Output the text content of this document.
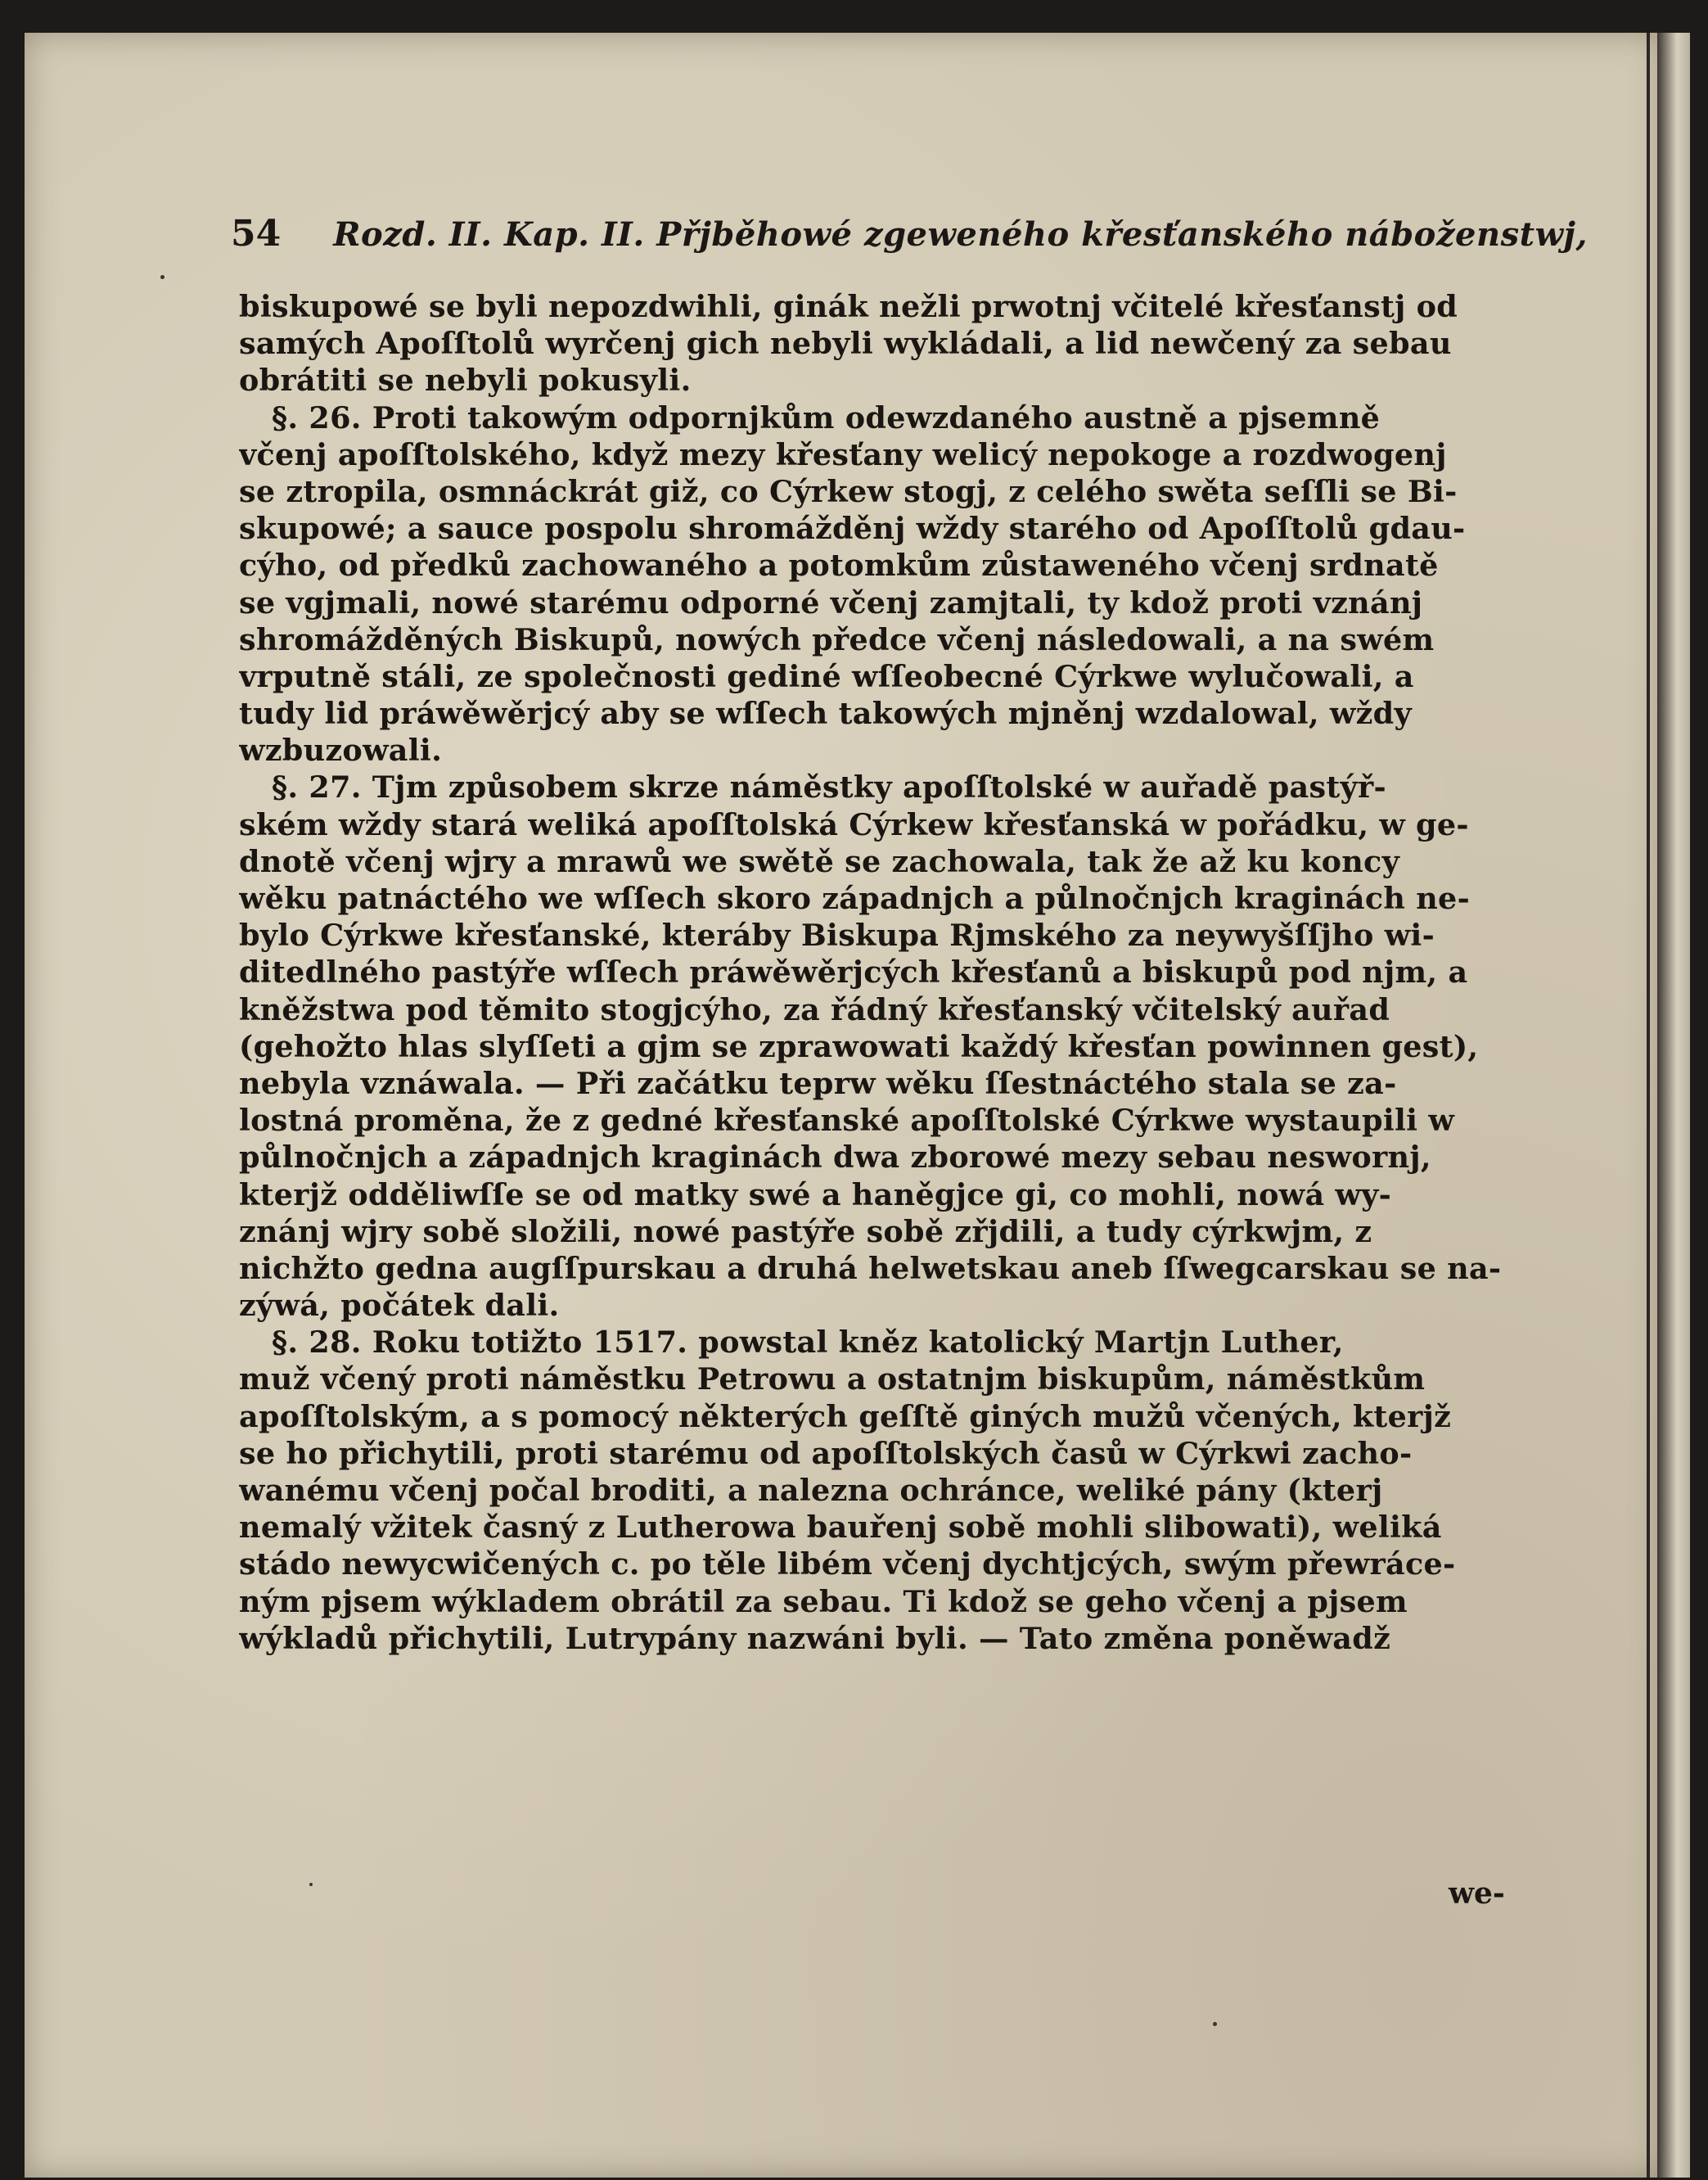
54 Rozd. II. Kap. II. Přjběhowé zgeweného křesťanského náboženstwj,
biskupowé se byli nepozdwihli, ginák nežli prwotnj včitelé křesťanstj od
samých Apoſſtolů wyrčenj gich nebyli wykládali, a lid newčený za sebau
obrátiti se nebyli pokusyli.
§. 26. Proti takowým odpornjkům odewzdaného austně a pjsemně
včenj apoſſtolského, když mezy křesťany welicý nepokoge a rozdwogenj
se ztropila, osmnáckrát giž, co Cýrkew stogj, z celého swěta seſſli se Bi-
skupowé; a sauce pospolu shromážděnj wždy starého od Apoſſtolů gdau-
cýho, od předků zachowaného a potomkům zůstaweného včenj srdnatě
se vgjmali, nowé starému odporné včenj zamjtali, ty kdož proti vznánj
shromážděných Biskupů, nowých předce včenj následowali, a na swém
vrputně stáli, ze společnosti gediné wſſeobecné Cýrkwe wylučowali, a
tudy lid práwěwěrjcý aby se wſſech takowých mjněnj wzdalowal, wždy
wzbuzowali.
§. 27. Tjm způsobem skrze náměstky apoſſtolské w auřadě pastýř-
ském wždy stará weliká apoſſtolská Cýrkew křesťanská w pořádku, w ge-
dnotě včenj wjry a mrawů we swětě se zachowala, tak že až ku koncy
wěku patnáctého we wſſech skoro západnjch a půlnočnjch kraginách ne-
bylo Cýrkwe křesťanské, kteráby Biskupa Rjmského za neywyšſſjho wi-
ditedlného pastýře wſſech práwěwěrjcých křesťanů a biskupů pod njm, a
kněžstwa pod těmito stogjcýho, za řádný křesťanský včitelský auřad
(gehožto hlas slyſſeti a gjm se zprawowati každý křesťan powinnen gest),
nebyla vznáwala. — Při začátku teprw wěku ſſestnáctého stala se za-
lostná proměna, že z gedné křesťanské apoſſtolské Cýrkwe wystaupili w
půlnočnjch a západnjch kraginách dwa zborowé mezy sebau neswornj,
kterjž odděliwſſe se od matky swé a haněgjce gi, co mohli, nowá wy-
znánj wjry sobě složili, nowé pastýře sobě zřjdili, a tudy cýrkwjm, z
nichžto gedna augſſpurskau a druhá helwetskau aneb ſſwegcarskau se na-
zýwá, počátek dali.
§. 28. Roku totižto 1517. powstal kněz katolický Martjn Luther,
muž včený proti náměstku Petrowu a ostatnjm biskupům, náměstkům
apoſſtolským, a s pomocý některých geſſtě giných mužů včených, kterjž
se ho přichytili, proti starému od apoſſtolských časů w Cýrkwi zacho-
wanému včenj počal broditi, a nalezna ochránce, weliké pány (kterj
nemalý vžitek časný z Lutherowa bauřenj sobě mohli slibowati), weliká
stádo newycwičených c. po těle libém včenj dychtjcých, swým přewráce-
ným pjsem wýkladem obrátil za sebau. Ti kdož se geho včenj a pjsem
wýkladů přichytili, Lutrypány nazwáni byli. — Tato změna poněwadž
we-
